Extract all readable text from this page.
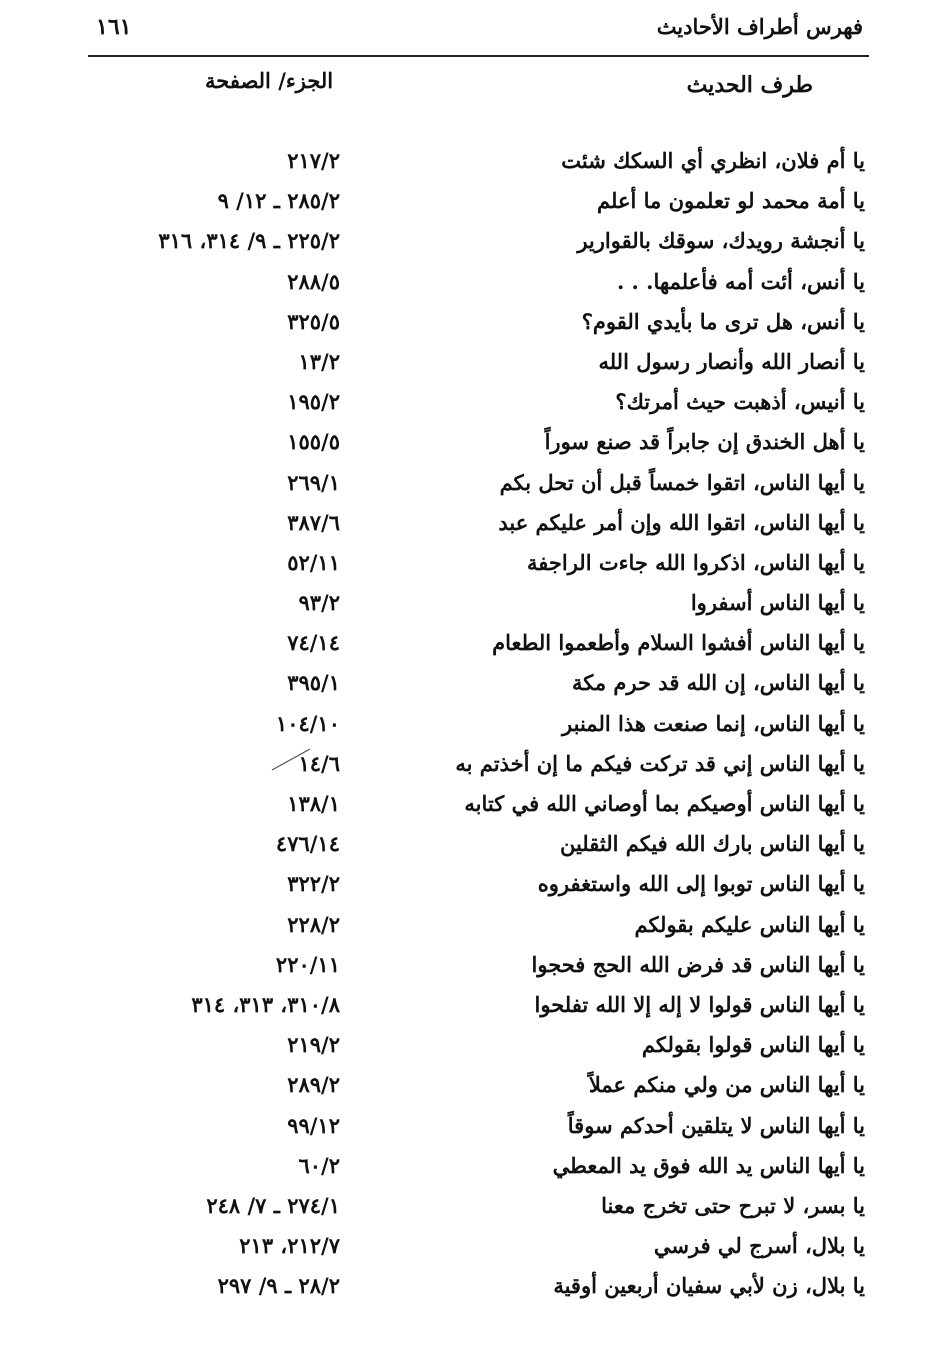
فهرس أطراف الأحاديث
١٦١
طرف الحديث
الجزء/ الصفحة
يا أم فلان، انظري أي السكك شئت
٢١٧/٢
يا أمة محمد لو تعلمون ما أعلم
٢٨٥/٢ ـ ١٢/ ٩
يا أنجشة رويدك، سوقك بالقوارير
٢٢٥/٢ ـ ٩/ ٣١٤، ٣١٦
يا أنس، أئت أمه فأعلمها. . .
٢٨٨/٥
يا أنس، هل ترى ما بأيدي القوم؟
٣٢٥/٥
يا أنصار الله وأنصار رسول الله
١٣/٢
يا أنيس، أذهبت حيث أمرتك؟
١٩٥/٢
يا أهل الخندق إن جابراً قد صنع سوراً
١٥٥/٥
يا أيها الناس، اتقوا خمساً قبل أن تحل بكم
٢٦٩/١
يا أيها الناس، اتقوا الله وإن أمر عليكم عبد
٣٨٧/٦
يا أيها الناس، اذكروا الله جاءت الراجفة
٥٢/١١
يا أيها الناس أسفروا
٩٣/٢
يا أيها الناس أفشوا السلام وأطعموا الطعام
٧٤/١٤
يا أيها الناس، إن الله قد حرم مكة
٣٩٥/١
يا أيها الناس، إنما صنعت هذا المنبر
١٠٤/١٠
يا أيها الناس إني قد تركت فيكم ما إن أخذتم به
١٤/٦
يا أيها الناس أوصيكم بما أوصاني الله في كتابه
١٣٨/١
يا أيها الناس بارك الله فيكم الثقلين
٤٧٦/١٤
يا أيها الناس توبوا إلى الله واستغفروه
٣٢٢/٢
يا أيها الناس عليكم بقولكم
٢٢٨/٢
يا أيها الناس قد فرض الله الحج فحجوا
٢٢٠/١١
يا أيها الناس قولوا لا إله إلا الله تفلحوا
٣١٠/٨، ٣١٣، ٣١٤
يا أيها الناس قولوا بقولكم
٢١٩/٢
يا أيها الناس من ولي منكم عملاً
٢٨٩/٢
يا أيها الناس لا يتلقين أحدكم سوقاً
٩٩/١٢
يا أيها الناس يد الله فوق يد المعطي
٦٠/٢
يا بسر، لا تبرح حتى تخرج معنا
٢٧٤/١ ـ ٧/ ٢٤٨
يا بلال، أسرج لي فرسي
٢١٢/٧، ٢١٣
يا بلال، زن لأبي سفيان أربعين أوقية
٢٨/٢ ـ ٩/ ٢٩٧
